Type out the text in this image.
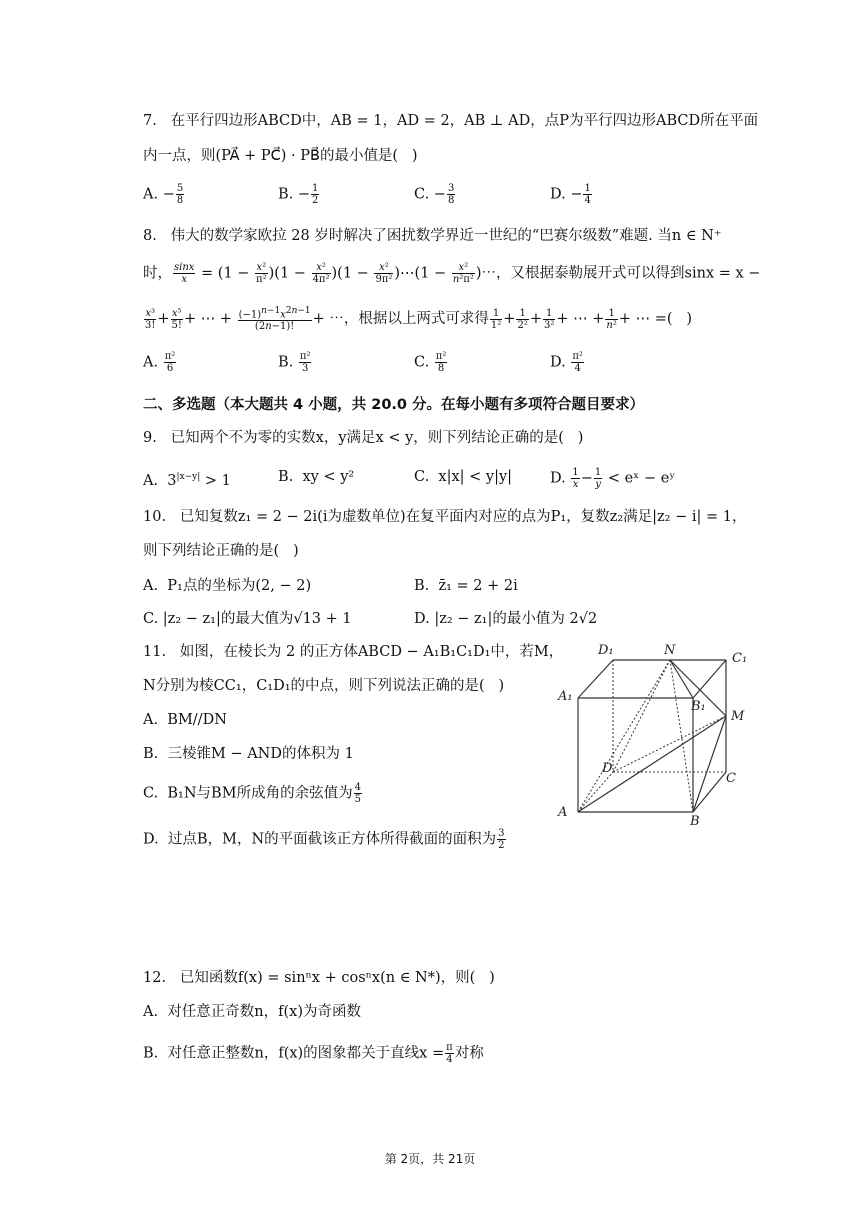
7.   在平行四边形ABCD中，AB = 1，AD = 2，AB ⊥ AD，点P为平行四边形ABCD所在平面
内一点，则(PA⃗ + PC⃗) · PB⃗的最小值是(   )
A. − $\frac{5}{8}$	B. − $\frac{1}{2}$	C. − $\frac{3}{8}$	D. − $\frac{1}{4}$
8.   伟大的数学家欧拉 28 岁时解决了困扰数学界近一世纪的“巴赛尔级数”难题. 当n ∈ N⁺
时， $\frac{\sin x}{x} = (1 - \frac{\text{x²}}{\text{π²}} )(1 - \frac{\text{x²}}{\text{4π²}} )(1 - \frac{\text{x²}}{\text{9π²}}$ )⋯(1 − $\frac{\text{x²}}{\text{n²π²}}$ )⋯，又根据泰勒展开式可以得到sinx = x −
$\frac{\text{x³}}{3!} + \frac{\text{x⁵}}{5!}$ + ⋯ + $\frac{(-1)^{n-1}x^{2n-1}}{(2n-1)!}$ + ⋯，根据以上两式可求得 $\frac{1}{\text{1²}} + \frac{1}{\text{2²}} + \frac{1}{\text{3²}}$ + ⋯ + $\frac{1}{\text{n²}}$ + ⋯ =(   )
A. $\frac{\text{π²}}{6}$	B. $\frac{\text{π²}}{3}$	C. $\frac{\text{π²}}{8}$	D. $\frac{\text{π²}}{4}$
二、多选题（本大题共 4 小题，共 20.0 分。在每小题有多项符合题目要求）
9.   已知两个不为零的实数x，y满足x < y，则下列结论正确的是(   )
A.  $3^{|x-y|} > 1$	B.  xy < y²	C.  x|x| < y|y|	D. $\frac{1}{x} - \frac{1}{y}$ < eˣ − eʸ
10.   已知复数z₁ = 2 − 2i(i为虚数单位)在复平面内对应的点为P₁，复数z₂满足|z₂ − i| = 1，
则下列结论正确的是(   )
A.  P₁点的坐标为(2, − 2)	B.  z̄₁ = 2 + 2i
C. |z₂ − z₁|的最大值为√13 + 1	D. |z₂ − z₁|的最小值为 2√2
11.   如图，在棱长为 2 的正方体ABCD − A₁B₁C₁D₁中，若M，
N分别为棱CC₁，C₁D₁的中点，则下列说法正确的是(   )
A.  BM//DN
B.  三棱锥M − AND的体积为 1
C.  B₁N与BM所成角的余弦值为 $\frac{4}{5}$
D.  过点B，M，N的平面截该正方体所得截面的面积为 $\frac{3}{2}$
D₁	N
C₁
A₁
B₁
M
D
C
A
B
12.   已知函数f(x) = sinⁿx + cosⁿx(n ∈ N*)，则(   )
A.  对任意正奇数n，f(x)为奇函数
B.  对任意正整数n，f(x)的图象都关于直线$x = \frac{\pi}{4}$ 对称
第 2页，共 21页
